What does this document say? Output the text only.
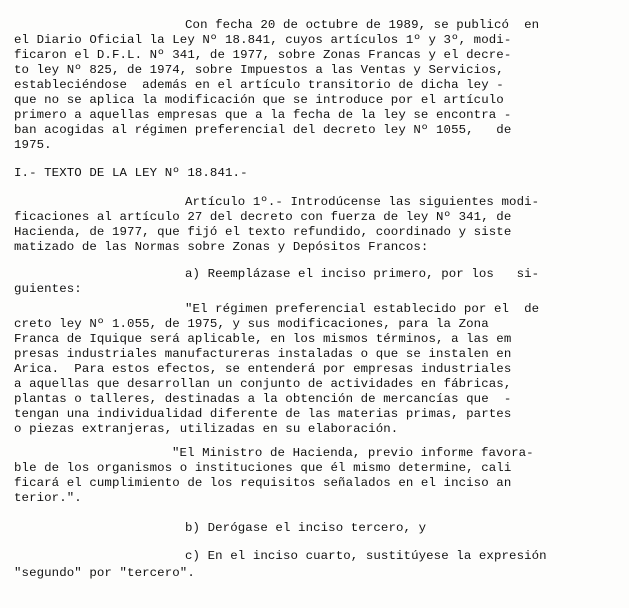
Con fecha 20 de octubre de 1989, se publicó  en
el Diario Oficial la Ley Nº 18.841, cuyos artículos 1º y 3º, modi-
ficaron el D.F.L. Nº 341, de 1977, sobre Zonas Francas y el decre-
to ley Nº 825, de 1974, sobre Impuestos a las Ventas y Servicios,
estableciéndose  además en el artículo transitorio de dicha ley -
que no se aplica la modificación que se introduce por el artículo
primero a aquellas empresas que a la fecha de la ley se encontra -
ban acogidas al régimen preferencial del decreto ley Nº 1055,   de
1975.
I.- TEXTO DE LA LEY Nº 18.841.-
Artículo 1º.- Introdúcense las siguientes modi-
ficaciones al artículo 27 del decreto con fuerza de ley Nº 341, de
Hacienda, de 1977, que fijó el texto refundido, coordinado y siste
matizado de las Normas sobre Zonas y Depósitos Francos:
a) Reemplázase el inciso primero, por los   si-
guientes:
"El régimen preferencial establecido por el  de
creto ley Nº 1.055, de 1975, y sus modificaciones, para la Zona
Franca de Iquique será aplicable, en los mismos términos, a las em
presas industriales manufactureras instaladas o que se instalen en
Arica.  Para estos efectos, se entenderá por empresas industriales
a aquellas que desarrollan un conjunto de actividades en fábricas,
plantas o talleres, destinadas a la obtención de mercancías que  -
tengan una individualidad diferente de las materias primas, partes
o piezas extranjeras, utilizadas en su elaboración.
"El Ministro de Hacienda, previo informe favora-
ble de los organismos o instituciones que él mismo determine, cali
ficará el cumplimiento de los requisitos señalados en el inciso an
terior.".
b) Derógase el inciso tercero, y
c) En el inciso cuarto, sustitúyese la expresión
"segundo" por "tercero".
